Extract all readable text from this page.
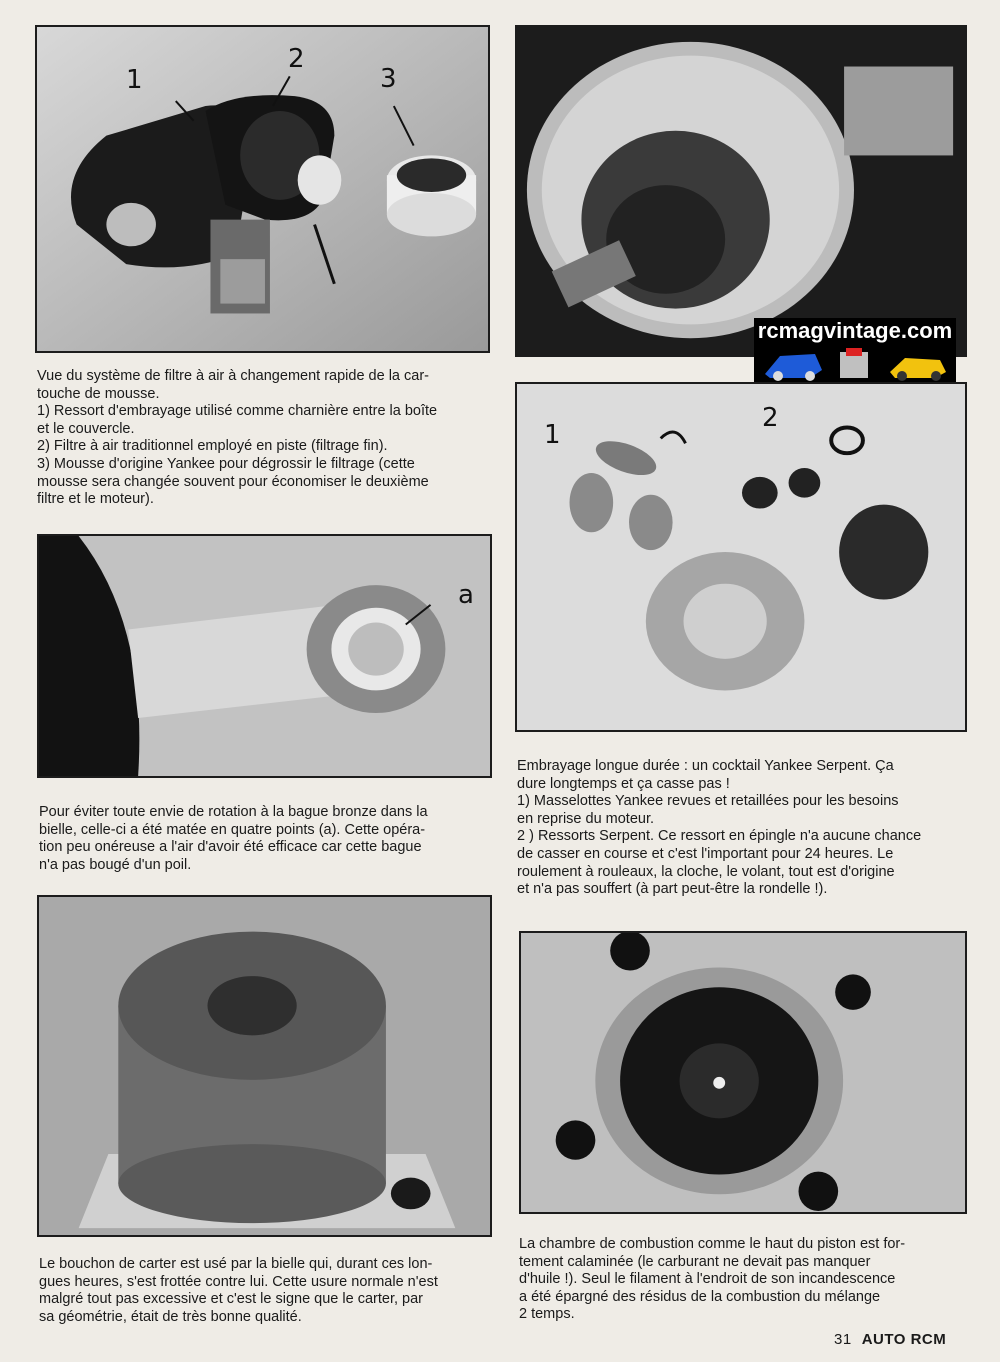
1
2
3

Vue du système de filtre à air à changement rapide de la car-
touche de mousse.
1) Ressort d'embrayage utilisé comme charnière entre la boîte
et le couvercle.
2) Filtre à air traditionnel employé en piste (filtrage fin).
3) Mousse d'origine Yankee pour dégrossir le filtrage (cette
mousse sera changée souvent pour économiser le deuxième
filtre et le moteur).

a

Pour éviter toute envie de rotation à la bague bronze dans la
bielle, celle-ci a été matée en quatre points (a). Cette opéra-
tion peu onéreuse a l'air d'avoir été efficace car cette bague
n'a pas bougé d'un poil.

Le bouchon de carter est usé par la bielle qui, durant ces lon-
gues heures, s'est frottée contre lui. Cette usure normale n'est
malgré tout pas excessive et c'est le signe que le carter, par
sa géométrie, était de très bonne qualité.

rcmagvintage.com
1
2

Embrayage longue durée : un cocktail Yankee Serpent. Ça
dure longtemps et ça casse pas !
1) Masselottes Yankee revues et retaillées pour les besoins
en reprise du moteur.
2 ) Ressorts Serpent. Ce ressort en épingle n'a aucune chance
de casser en course et c'est l'important pour 24 heures. Le
roulement à rouleaux, la cloche, le volant, tout est d'origine
et n'a pas souffert (à part peut-être la rondelle !).

La chambre de combustion comme le haut du piston est for-
tement calaminée (le carburant ne devait pas manquer
d'huile !). Seul le filament à l'endroit de son incandescence
a été épargné des résidus de la combustion du mélange
2 temps.

31 AUTO RCM
